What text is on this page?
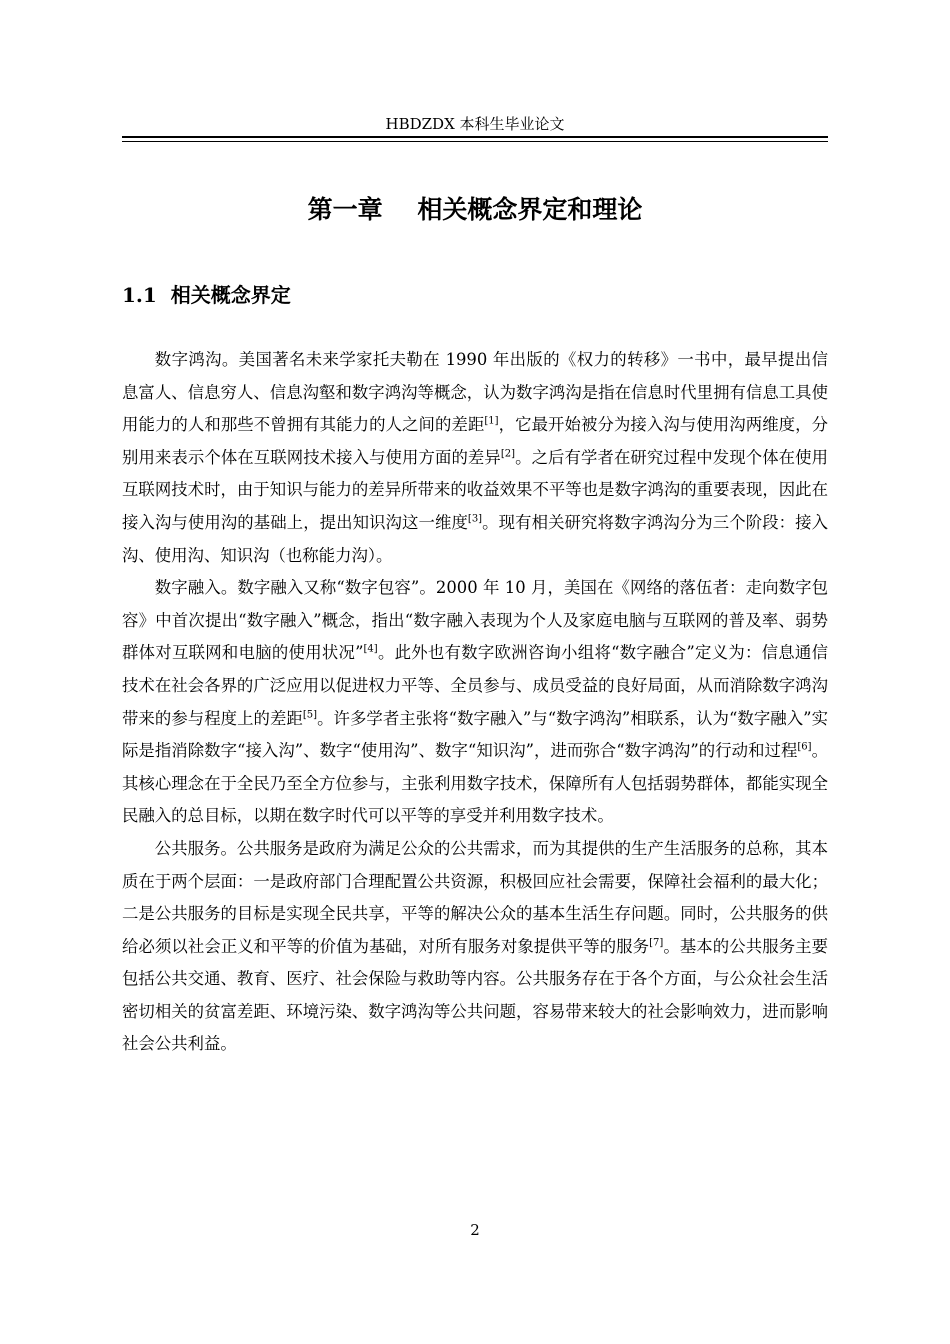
HBDZDX 本科生毕业论文
第一章    相关概念界定和理论
1.1 相关概念界定

数字鸿沟。美国著名未来学家托夫勒在 1990 年出版的《权力的转移》一书中，最早提出信息富人、信息穷人、信息沟壑和数字鸿沟等概念，认为数字鸿沟是指在信息时代里拥有信息工具使用能力的人和那些不曾拥有其能力的人之间的差距[1]，它最开始被分为接入沟与使用沟两维度，分别用来表示个体在互联网技术接入与使用方面的差异[2]。之后有学者在研究过程中发现个体在使用互联网技术时，由于知识与能力的差异所带来的收益效果不平等也是数字鸿沟的重要表现，因此在接入沟与使用沟的基础上，提出知识沟这一维度[3]。现有相关研究将数字鸿沟分为三个阶段：接入沟、使用沟、知识沟（也称能力沟）。

数字融入。数字融入又称“数字包容”。2000 年 10 月，美国在《网络的落伍者：走向数字包容》中首次提出“数字融入”概念，指出“数字融入表现为个人及家庭电脑与互联网的普及率、弱势群体对互联网和电脑的使用状况”[4]。此外也有数字欧洲咨询小组将“数字融合”定义为：信息通信技术在社会各界的广泛应用以促进权力平等、全员参与、成员受益的良好局面，从而消除数字鸿沟带来的参与程度上的差距[5]。许多学者主张将“数字融入”与“数字鸿沟”相联系，认为“数字融入”实际是指消除数字“接入沟”、数字“使用沟”、数字“知识沟”，进而弥合“数字鸿沟”的行动和过程[6]。其核心理念在于全民乃至全方位参与，主张利用数字技术，保障所有人包括弱势群体，都能实现全民融入的总目标，以期在数字时代可以平等的享受并利用数字技术。

公共服务。公共服务是政府为满足公众的公共需求，而为其提供的生产生活服务的总称，其本质在于两个层面：一是政府部门合理配置公共资源，积极回应社会需要，保障社会福利的最大化；二是公共服务的目标是实现全民共享，平等的解决公众的基本生活生存问题。同时，公共服务的供给必须以社会正义和平等的价值为基础，对所有服务对象提供平等的服务[7]。基本的公共服务主要包括公共交通、教育、医疗、社会保险与救助等内容。公共服务存在于各个方面，与公众社会生活密切相关的贫富差距、环境污染、数字鸿沟等公共问题，容易带来较大的社会影响效力，进而影响社会公共利益。

2
